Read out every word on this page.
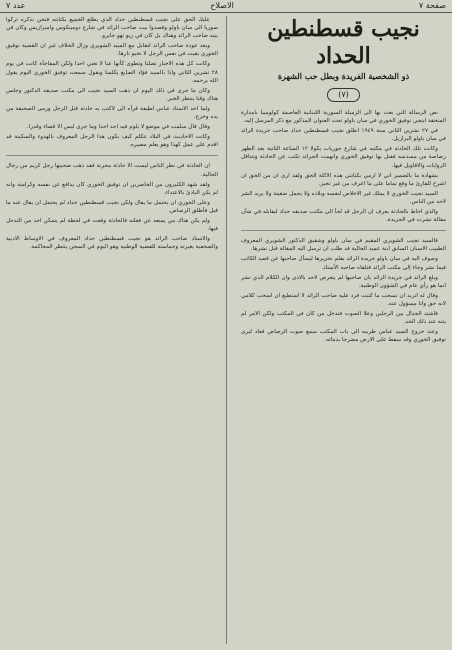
عدد ٧	الاصلاح	صفحة ٧
نجيب قسطنطين الحداد
ذو الشخصية الفريدة وبطل حب الشهرة
(٧)

نص الرسالة التي بعث بها الى الزميلة السورية اللبنانية العاصمة كولومبيا بامدارة المنحقة ابنجي توفيق الخوري في سان باولو تحت العنوان المذكور مع ذكر المرسل إليه.

في ٢٧ تشرين الثاني سنة ١٩٤٩ اطلق نجيب قسطنطين حداد صاحب جريدة الرائد في سان باولو البرازيل.

وكانت تلك الحادثة في مكتبه في شارع جوريات بكولا ١٢ الساعة الثانية بعد الظهر رصاصة من مسدسه فقتل بها توفيق الخوري واتهمت الجرائد تكتب عن الحادثة وتتناقل الروايات والاقاويل فيها.

بشهادة ما بالضمير اني لا ارمي بكتابتي هذه الاكلة الحق ولقد ارى ان من الحق ان اشرح للقارئ ما وقع تماما على ما اعرف من غير تحيز.

السيد نجيب الخوري لا يملك غير الاخلاص لنفسه وبلاده ولا يحمل ضغينة ولا يريد الشر لاحد من الناس.

والذي احاط بالحادثة يعرف ان الرجل قد لجأ الى مكتب صديقه حداد ليقابله في شأن مقالة نشرت في الجريدة.

فالسيد نجيب الشويري المقيم في سان باولو وشقيق الدكتور الشويري المعروف الطبيب الاسنان السابق ابنة عميد الجالية قد طلب ان ترسل اليه المقالة قبل نشرها.

وصوف اليه في سان باولو جريدة الرائد بقلم تحريرها ليسأل صاحبها عن قصد الكاتب فيما نشر وجاء إلى مكتب الرائد فتلقاه صاحبه الأستاذ.

وبلغ الرائد في جريدة الرائد بان صاحبها لم يتعرض لاحد بالاذى وان الكلام الذي نشر انما هو رأي عام في الشؤون الوطنية.

وقال له اتريد ان تسحب ما كتبت فرد عليه صاحب الرائد لا استطيع ان اسحب كلامي لانه حق وانا مسؤول عنه.

فاشتد الجدال بين الرجلين وعلا الصوت فتدخل من كان في المكتب ولكن الامر لم ينته عند ذلك الحد.

وعند خروج السيد عباس طربيه الى باب المكتب سمع صوت الرصاص فعاد ليرى توفيق الخوري وقد سقط على الارض مضرجا بدمائه.

عليك الحق على نجيب قسطنطين حداد الذي يطلع الجميع بكتابته فنحن نذكره تركوا سوريا الى سان باولو وقصدوا بيت صاحب الرائد في شارع دومينكوس وامبرازيس وكان في بيته صاحب الرائد وهناك بل كان في زيو تهو جابرو.

وبعد عودة صاحب الرائد لتقابل مع السيد الشويري وزال الخلاف غير ان القضية توفيق الخوري بقيت في نفس الرجل لا تخبو نارها.

وكانت كل هذه الاخبار تصلنا وتطوى كأنها عنا لا تعني احدا ولكن المفاجأة كانت في يوم ٢٨ تشرين الثاني واذا بالسيد فؤاد الصايغ يكلمنا ويقول سمعت توفيق الخوري اليوم يقول الله يرحمه.

وكان ما جرى في ذلك اليوم ان ذهب السيد نجيب الى مكتب صديقه الدكتور وجلس هناك وقتا ينتظر الخبر.

ولما اخذ الاستاذ عباس لطيفة قرأه الى لاكتب به حادثة قتل الرجل ورمى الصحيفة من يده وخرج.

وقال قال سلمت في موضع لا يلوم فيه احد احدا وما جرى ليس الا قضاء وقدرا.

وكانت الاحاديث في البلاد تتكلم كيف يكون هذا الرجل المعروف بالهدوء والسكينة قد اقدم على عمل كهذا وهو يعلم مصيره.

ان الحادثة في نظر الناس ليست الا حادثة محزنة فقد ذهب ضحيتها رجل كريم من رجال الجالية.

ولقد شهد الكثيرون من الحاضرين ان توفيق الخوري كان يدافع عن نفسه وكرامته وانه لم يكن البادئ بالاعتداء.

وعلى الخوري ان يحتمل ما يقال ولكن نجيب قسطنطين حداد لم يحتمل ان يقال عنه ما قيل فأطلق الرصاص.

ولم يكن هناك من يمنعه عن فعلته فالحادثة وقعت في لحظة لم يتمكن احد من التدخل فيها.

والاستاذ صاحب الرائد هو نجيب قسطنطين حداد المعروف في الاوساط الادبية والصحفية بغيرته وحماسته للقضية الوطنية وهو اليوم في السجن ينتظر المحاكمة.
